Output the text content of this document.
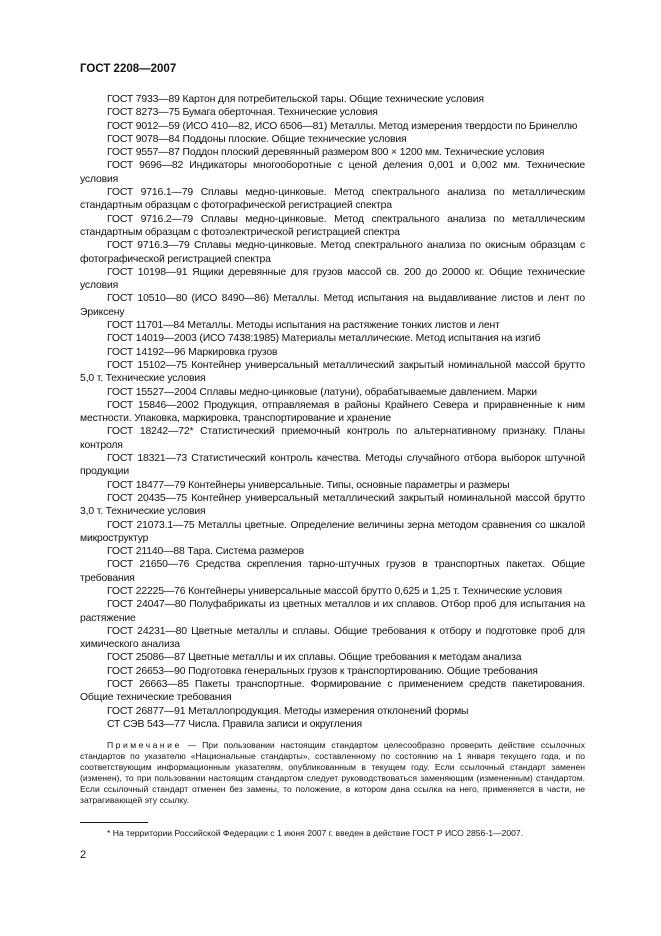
ГОСТ 2208—2007

ГОСТ 7933—89 Картон для потребительской тары. Общие технические условия

ГОСТ 8273—75 Бумага оберточная. Технические условия

ГОСТ 9012—59 (ИСО 410—82, ИСО 6506—81) Металлы. Метод измерения твердости по Бринеллю

ГОСТ 9078—84 Поддоны плоские. Общие технические условия

ГОСТ 9557—87 Поддон плоский деревянный размером 800 × 1200 мм. Технические условия

ГОСТ 9696—82 Индикаторы многооборотные с ценой деления 0,001 и 0,002 мм. Технические условия

ГОСТ 9716.1—79 Сплавы медно-цинковые. Метод спектрального анализа по металлическим стандартным образцам с фотографической регистрацией спектра

ГОСТ 9716.2—79 Сплавы медно-цинковые. Метод спектрального анализа по металлическим стандартным образцам с фотоэлектрической регистрацией спектра

ГОСТ 9716.3—79 Сплавы медно-цинковые. Метод спектрального анализа по окисным образцам с фотографической регистрацией спектра

ГОСТ 10198—91 Ящики деревянные для грузов массой св. 200 до 20000 кг. Общие технические условия

ГОСТ 10510—80 (ИСО 8490—86) Металлы. Метод испытания на выдавливание листов и лент по Эриксену

ГОСТ 11701—84 Металлы. Методы испытания на растяжение тонких листов и лент

ГОСТ 14019—2003 (ИСО 7438:1985) Материалы металлические. Метод испытания на изгиб

ГОСТ 14192—96 Маркировка грузов

ГОСТ 15102—75 Контейнер универсальный металлический закрытый номинальной массой брутто 5,0 т. Технические условия

ГОСТ 15527—2004 Сплавы медно-цинковые (латуни), обрабатываемые давлением. Марки

ГОСТ 15846—2002 Продукция, отправляемая в районы Крайнего Севера и приравненные к ним местности. Упаковка, маркировка, транспортирование и хранение

ГОСТ 18242—72* Статистический приемочный контроль по альтернативному признаку. Планы контроля

ГОСТ 18321—73 Статистический контроль качества. Методы случайного отбора выборок штучной продукции

ГОСТ 18477—79 Контейнеры универсальные. Типы, основные параметры и размеры

ГОСТ 20435—75 Контейнер универсальный металлический закрытый номинальной массой брутто 3,0 т. Технические условия

ГОСТ 21073.1—75 Металлы цветные. Определение величины зерна методом сравнения со шкалой микроструктур

ГОСТ 21140—88 Тара. Система размеров

ГОСТ 21650—76 Средства скрепления тарно-штучных грузов в транспортных пакетах. Общие требования

ГОСТ 22225—76 Контейнеры универсальные массой брутто 0,625 и 1,25 т. Технические условия

ГОСТ 24047—80 Полуфабрикаты из цветных металлов и их сплавов. Отбор проб для испытания на растяжение

ГОСТ 24231—80 Цветные металлы и сплавы. Общие требования к отбору и подготовке проб для химического анализа

ГОСТ 25086—87 Цветные металлы и их сплавы. Общие требования к методам анализа

ГОСТ 26653—90 Подготовка генеральных грузов к транспортированию. Общие требования

ГОСТ 26663—85 Пакеты транспортные. Формирование с применением средств пакетирования. Общие технические требования

ГОСТ 26877—91 Металлопродукция. Методы измерения отклонений формы

СТ СЭВ 543—77 Числа. Правила записи и округления

Примечание — При пользовании настоящим стандартом целесообразно проверить действие ссылочных стандартов по указателю «Национальные стандарты», составленному по состоянию на 1 января текущего года, и по соответствующим информационным указателям, опубликованным в текущем году. Если ссылочный стандарт заменен (изменен), то при пользовании настоящим стандартом следует руководствоваться заменяющим (измененным) стандартом. Если ссылочный стандарт отменен без замены, то положение, в котором дана ссылка на него, применяется в части, не затрагивающей эту ссылку.

* На территории Российской Федерации с 1 июня 2007 г. введен в действие ГОСТ Р ИСО 2856-1—2007.
2
